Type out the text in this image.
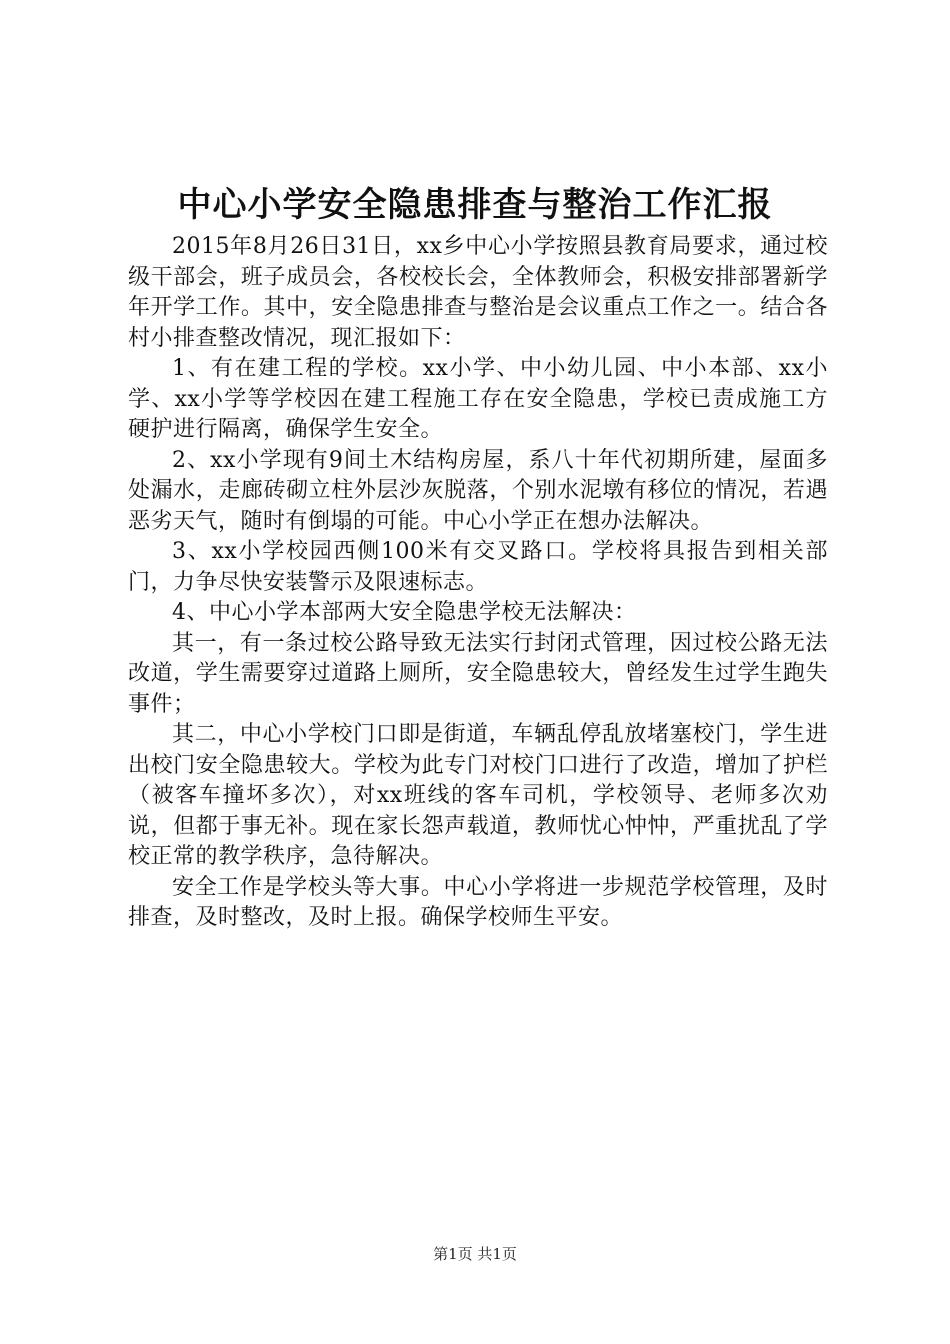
中心小学安全隐患排查与整治工作汇报

2015年8月26日31日，xx乡中心小学按照县教育局要求，通过校级干部会，班子成员会，各校校长会，全体教师会，积极安排部署新学年开学工作。其中，安全隐患排查与整治是会议重点工作之一。结合各村小排查整改情况，现汇报如下：

1、有在建工程的学校。xx小学、中小幼儿园、中小本部、xx小学、xx小学等学校因在建工程施工存在安全隐患，学校已责成施工方硬护进行隔离，确保学生安全。

2、xx小学现有9间土木结构房屋，系八十年代初期所建，屋面多处漏水，走廊砖砌立柱外层沙灰脱落，个别水泥墩有移位的情况，若遇恶劣天气，随时有倒塌的可能。中心小学正在想办法解决。

3、xx小学校园西侧100米有交叉路口。学校将具报告到相关部门，力争尽快安装警示及限速标志。

4、中心小学本部两大安全隐患学校无法解决：

其一，有一条过校公路导致无法实行封闭式管理，因过校公路无法改道，学生需要穿过道路上厕所，安全隐患较大，曾经发生过学生跑失事件；

其二，中心小学校门口即是街道，车辆乱停乱放堵塞校门，学生进出校门安全隐患较大。学校为此专门对校门口进行了改造，增加了护栏（被客车撞坏多次），对xx班线的客车司机，学校领导、老师多次劝说，但都于事无补。现在家长怨声载道，教师忧心忡忡，严重扰乱了学校正常的教学秩序，急待解决。

安全工作是学校头等大事。中心小学将进一步规范学校管理，及时排查，及时整改，及时上报。确保学校师生平安。

第1页 共1页
